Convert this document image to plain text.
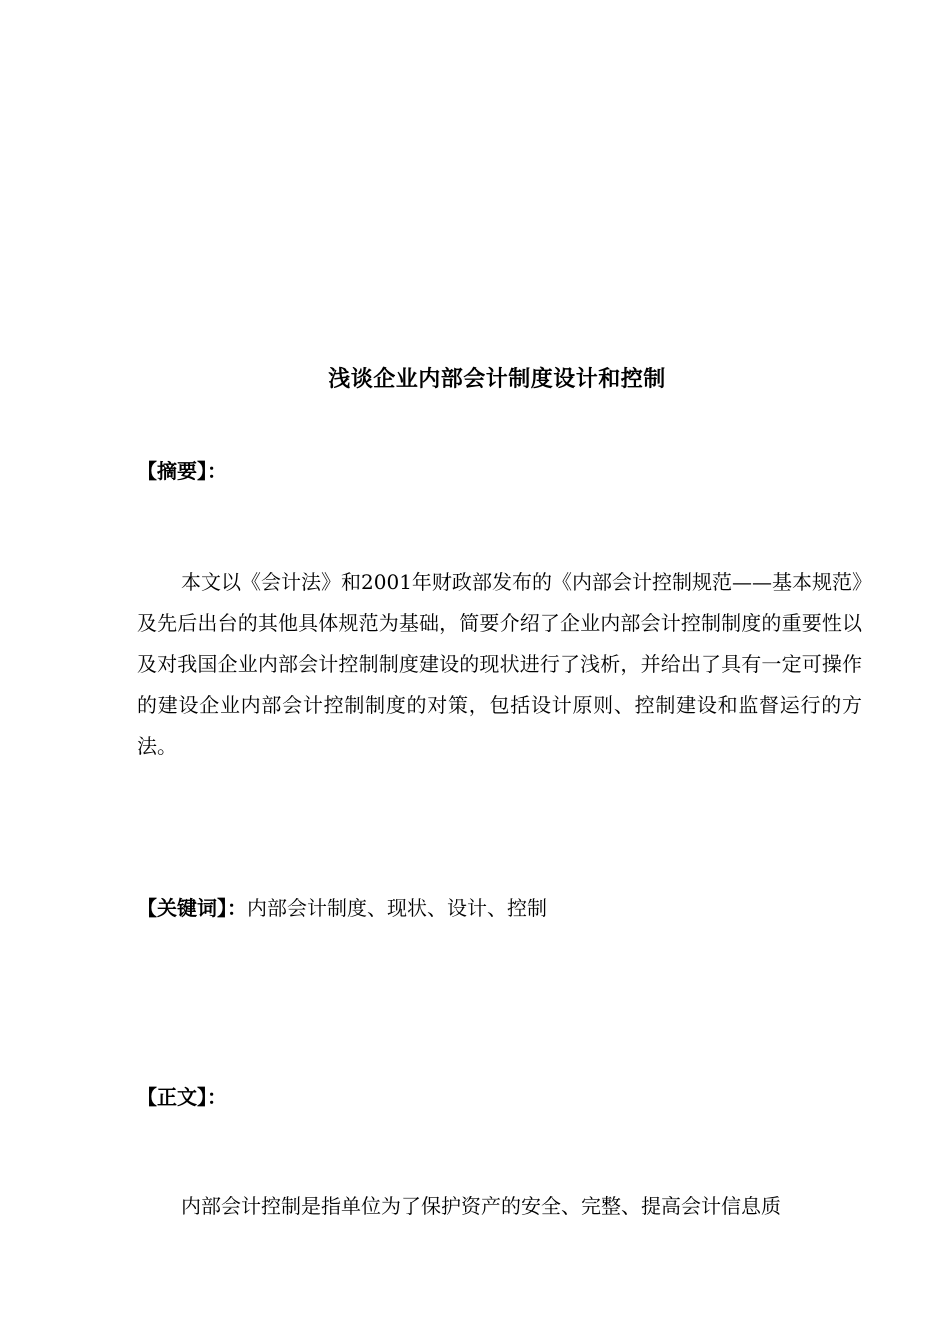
浅谈企业内部会计制度设计和控制
【摘要】：
本文以《会计法》和2001年财政部发布的《内部会计控制规范——基本规范》及先后出台的其他具体规范为基础，简要介绍了企业内部会计控制制度的重要性以及对我国企业内部会计控制制度建设的现状进行了浅析，并给出了具有一定可操作的建设企业内部会计控制制度的对策，包括设计原则、控制建设和监督运行的方法。
【关键词】：内部会计制度、现状、设计、控制
【正文】：
内部会计控制是指单位为了保护资产的安全、完整、提高会计信息质
